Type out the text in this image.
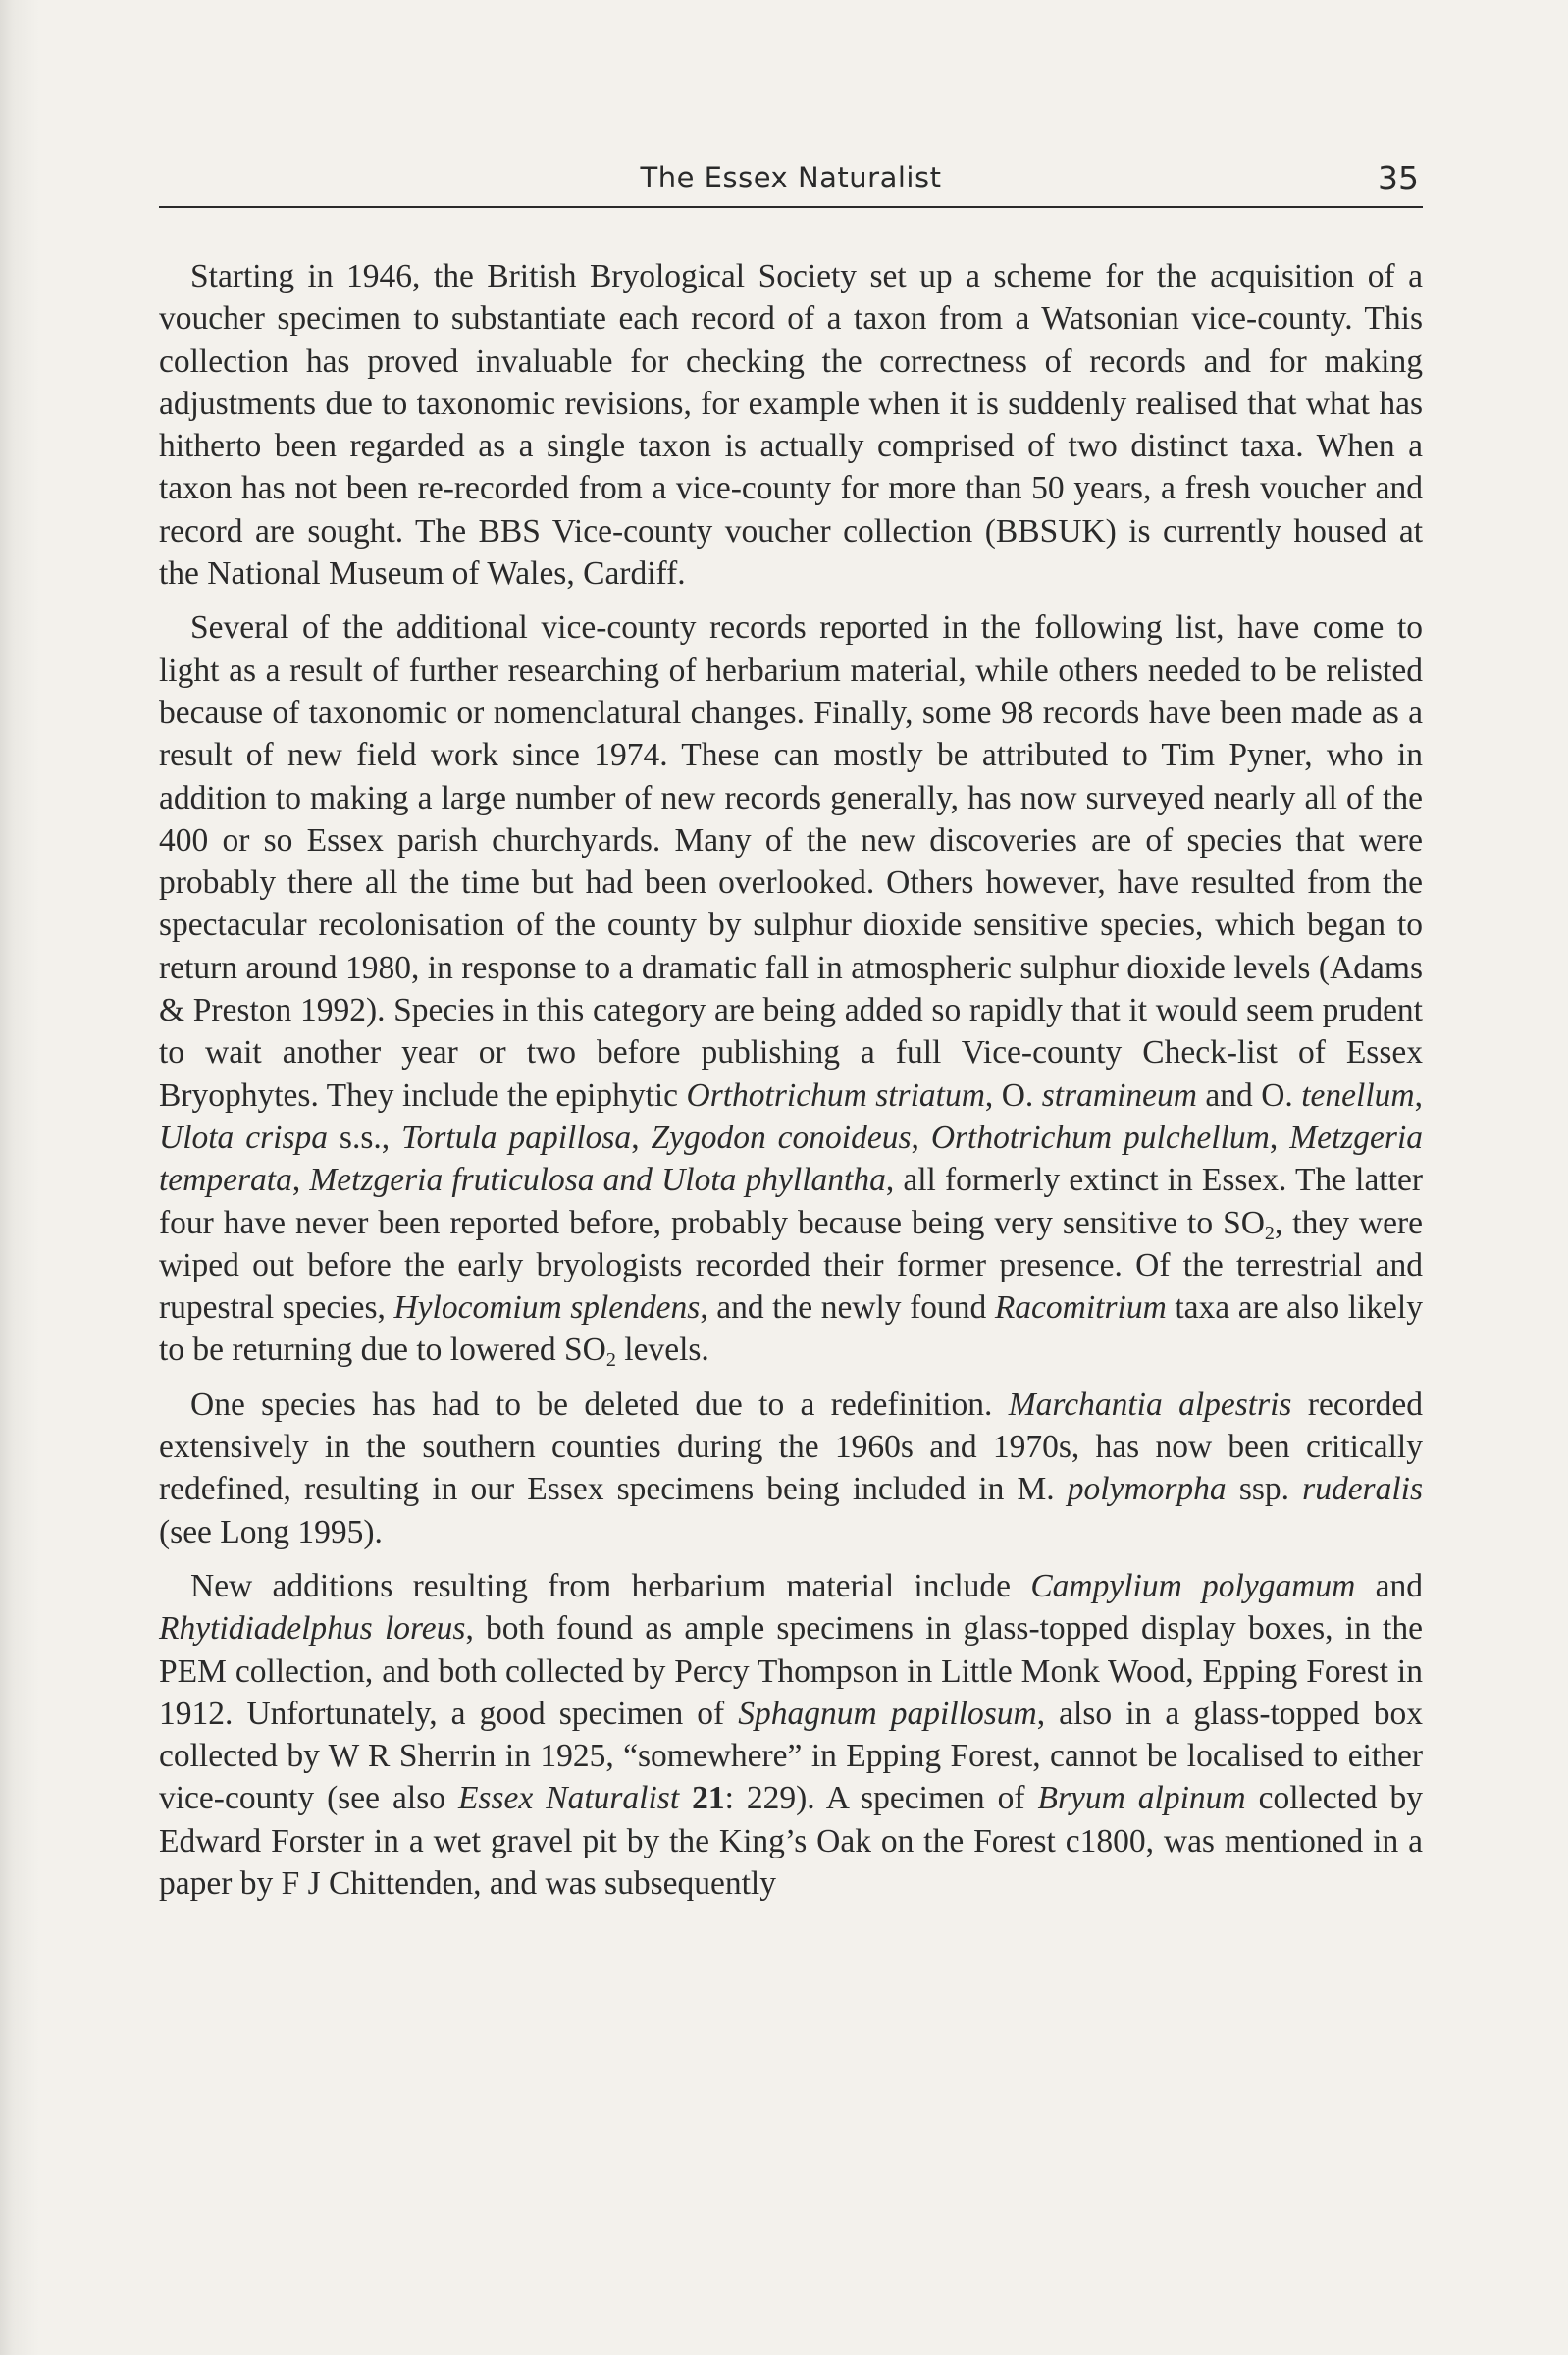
The Essex Naturalist	35

Starting in 1946, the British Bryological Society set up a scheme for the acquisition of a voucher specimen to substantiate each record of a taxon from a Watsonian vice-county. This collection has proved invaluable for checking the correctness of records and for making adjustments due to taxonomic revisions, for example when it is suddenly realised that what has hitherto been regarded as a single taxon is actually comprised of two distinct taxa. When a taxon has not been re-recorded from a vice-county for more than 50 years, a fresh voucher and record are sought. The BBS Vice-county voucher collection (BBSUK) is currently housed at the National Museum of Wales, Cardiff.

Several of the additional vice-county records reported in the following list, have come to light as a result of further researching of herbarium material, while others needed to be relisted because of taxonomic or nomenclatural changes. Finally, some 98 records have been made as a result of new field work since 1974. These can mostly be attributed to Tim Pyner, who in addition to making a large number of new records generally, has now surveyed nearly all of the 400 or so Essex parish churchyards. Many of the new discoveries are of species that were probably there all the time but had been overlooked. Others however, have resulted from the spectacular recolonisation of the county by sulphur dioxide sensitive species, which began to return around 1980, in response to a dramatic fall in atmospheric sulphur dioxide levels (Adams & Preston 1992). Species in this category are being added so rapidly that it would seem prudent to wait another year or two before publishing a full Vice-county Check-list of Essex Bryophytes. They include the epiphytic Orthotrichum striatum, O. stramineum and O. tenellum, Ulota crispa s.s., Tortula papillosa, Zygodon conoideus, Orthotrichum pulchellum, Metzgeria temperata, Metzgeria fruticulosa and Ulota phyllantha, all formerly extinct in Essex. The latter four have never been reported before, probably because being very sensitive to $SO_2$, they were wiped out before the early bryologists recorded their former presence. Of the terrestrial and rupestral species, Hylocomium splendens, and the newly found Racomitrium taxa are also likely to be returning due to lowered $SO_2$ levels.

One species has had to be deleted due to a redefinition. Marchantia alpestris recorded extensively in the southern counties during the 1960s and 1970s, has now been critically redefined, resulting in our Essex specimens being included in M. polymorpha ssp. ruderalis (see Long 1995).

New additions resulting from herbarium material include Campylium polygamum and Rhytidiadelphus loreus, both found as ample specimens in glass-topped display boxes, in the PEM collection, and both collected by Percy Thompson in Little Monk Wood, Epping Forest in 1912. Unfortunately, a good specimen of Sphagnum papillosum, also in a glass-topped box collected by W R Sherrin in 1925, “somewhere” in Epping Forest, cannot be localised to either vice-county (see also Essex Naturalist 21: 229). A specimen of Bryum alpinum collected by Edward Forster in a wet gravel pit by the King’s Oak on the Forest c1800, was mentioned in a paper by F J Chittenden, and was subsequently
